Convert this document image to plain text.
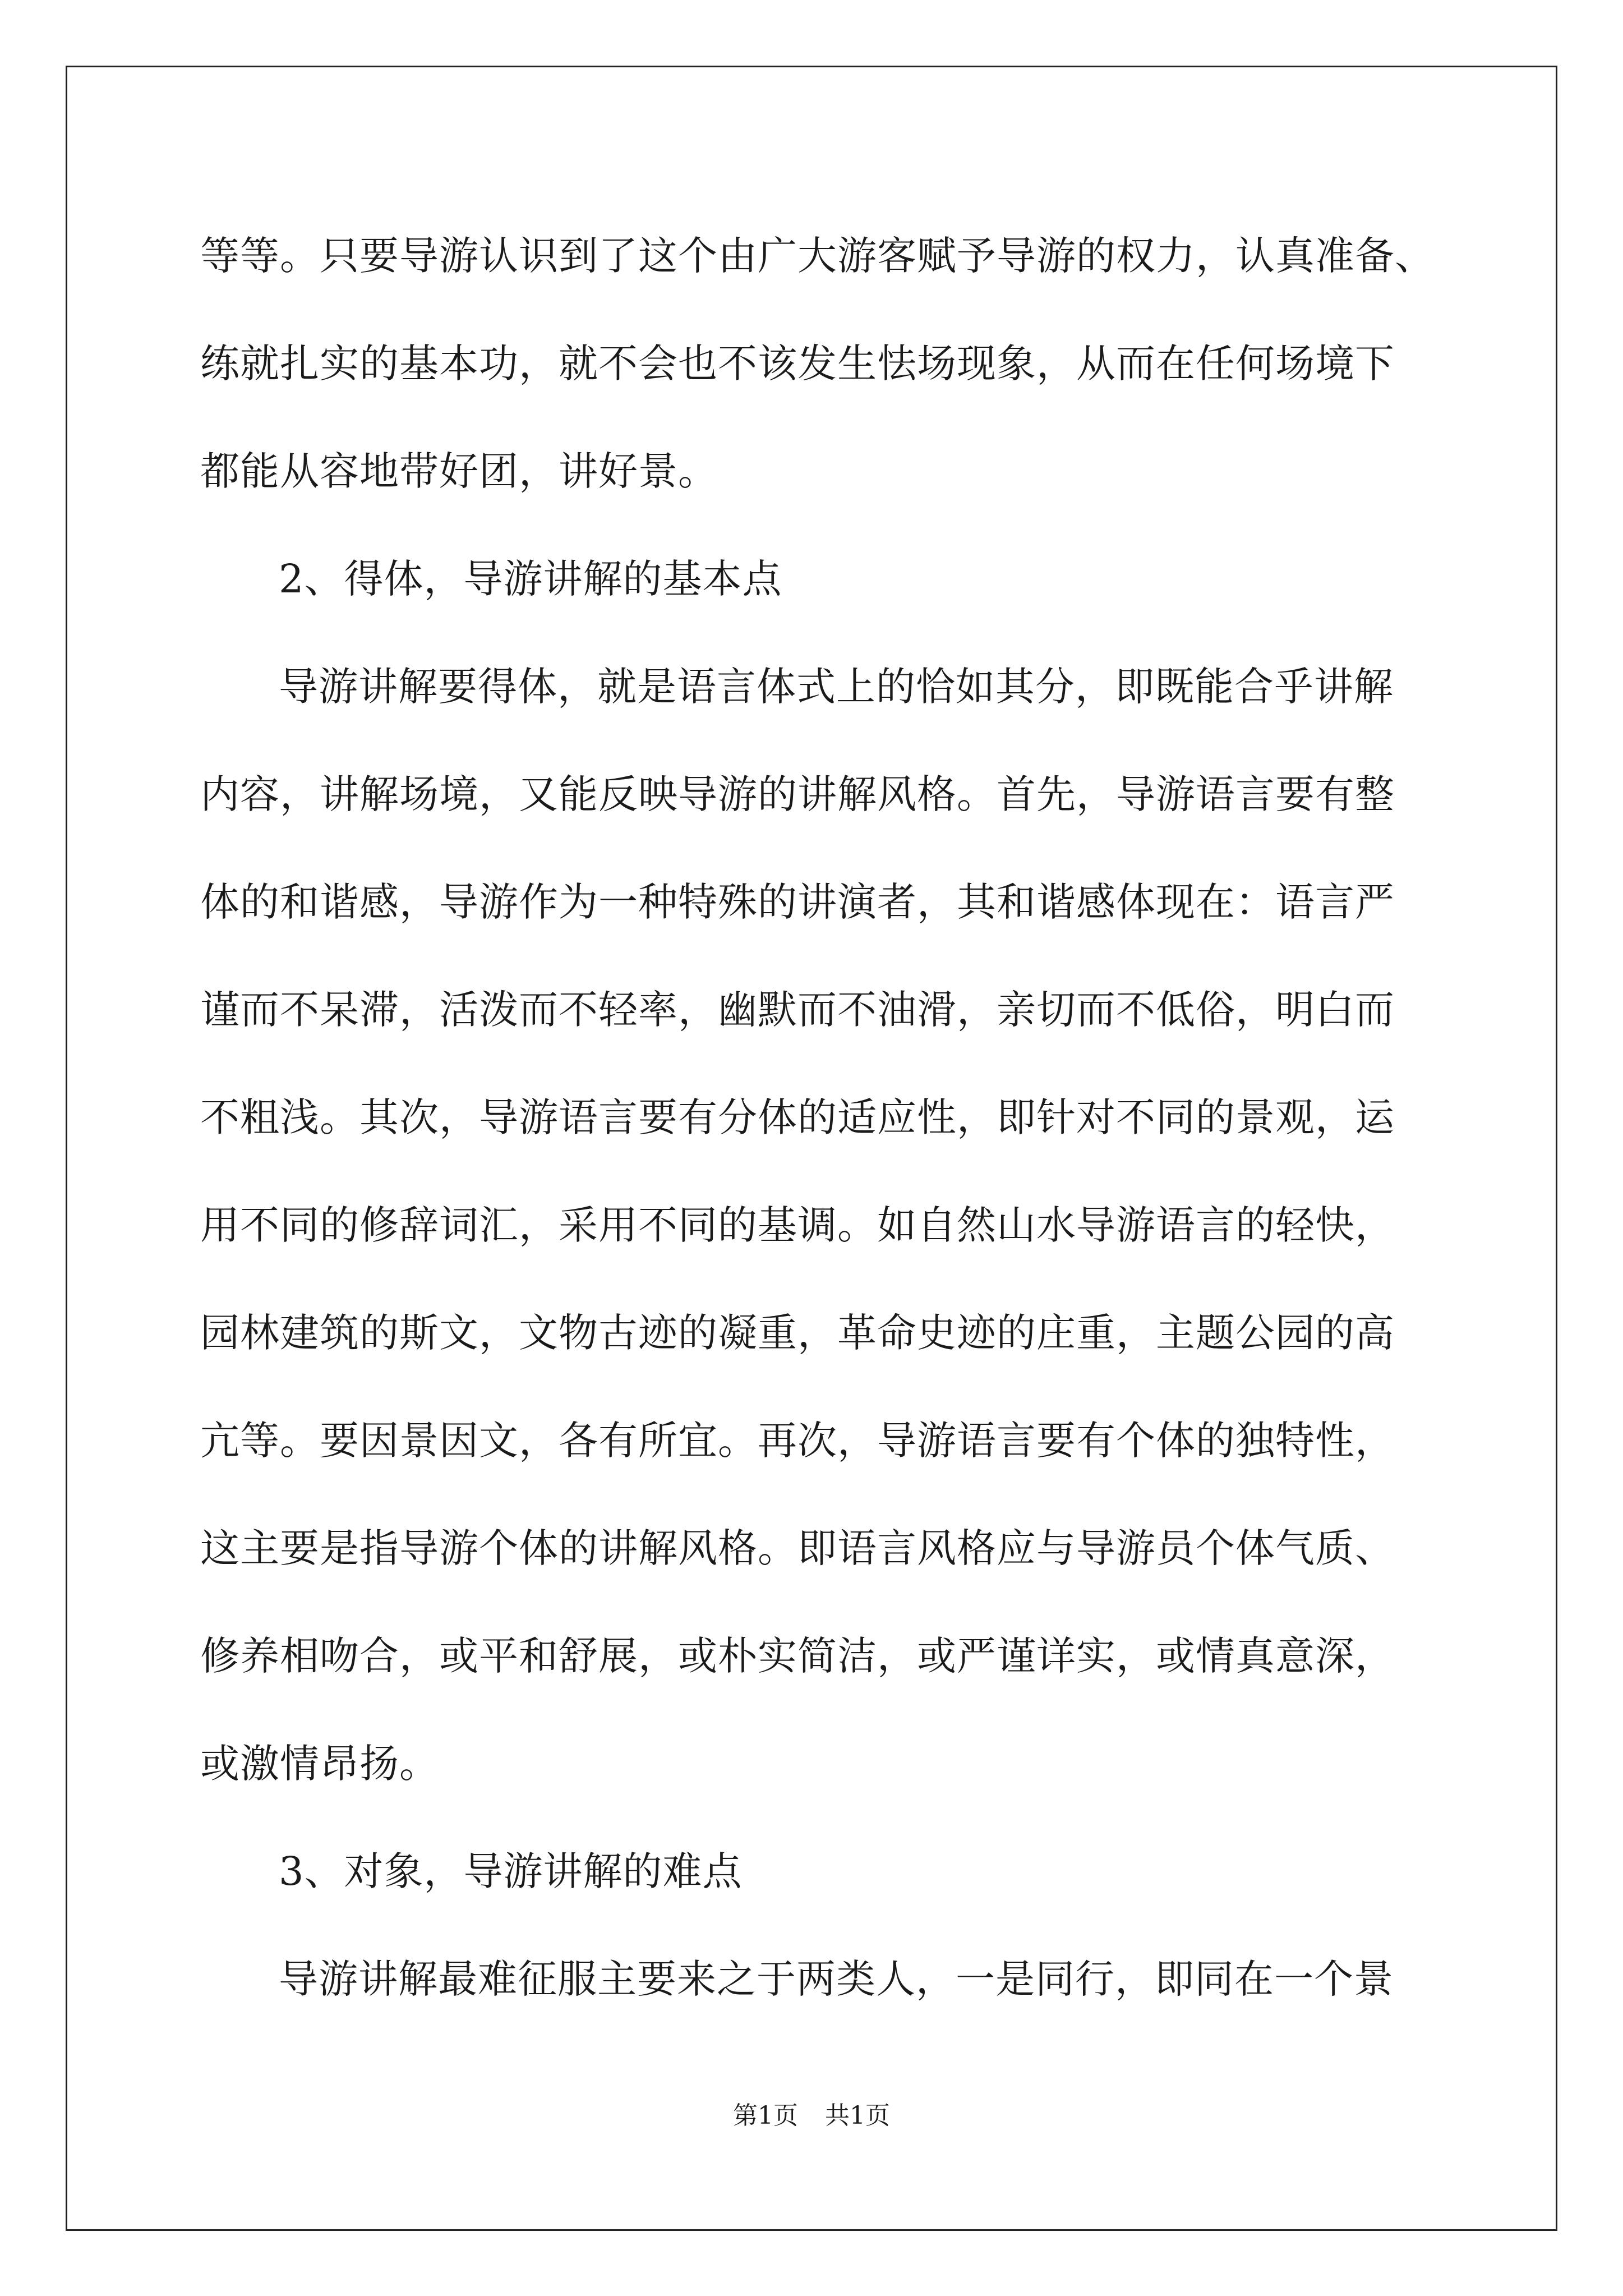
等等。只要导游认识到了这个由广大游客赋予导游的权力，认真准备、
练就扎实的基本功，就不会也不该发生怯场现象，从而在任何场境下
都能从容地带好团，讲好景。
2、得体，导游讲解的基本点
导游讲解要得体，就是语言体式上的恰如其分，即既能合乎讲解
内容，讲解场境，又能反映导游的讲解风格。首先，导游语言要有整
体的和谐感，导游作为一种特殊的讲演者，其和谐感体现在：语言严
谨而不呆滞，活泼而不轻率，幽默而不油滑，亲切而不低俗，明白而
不粗浅。其次，导游语言要有分体的适应性，即针对不同的景观，运
用不同的修辞词汇，采用不同的基调。如自然山水导游语言的轻快，
园林建筑的斯文，文物古迹的凝重，革命史迹的庄重，主题公园的高
亢等。要因景因文，各有所宜。再次，导游语言要有个体的独特性，
这主要是指导游个体的讲解风格。即语言风格应与导游员个体气质、
修养相吻合，或平和舒展，或朴实简洁，或严谨详实，或情真意深，
或激情昂扬。
3、对象，导游讲解的难点
导游讲解最难征服主要来之于两类人，一是同行，即同在一个景
第1页 共1页
